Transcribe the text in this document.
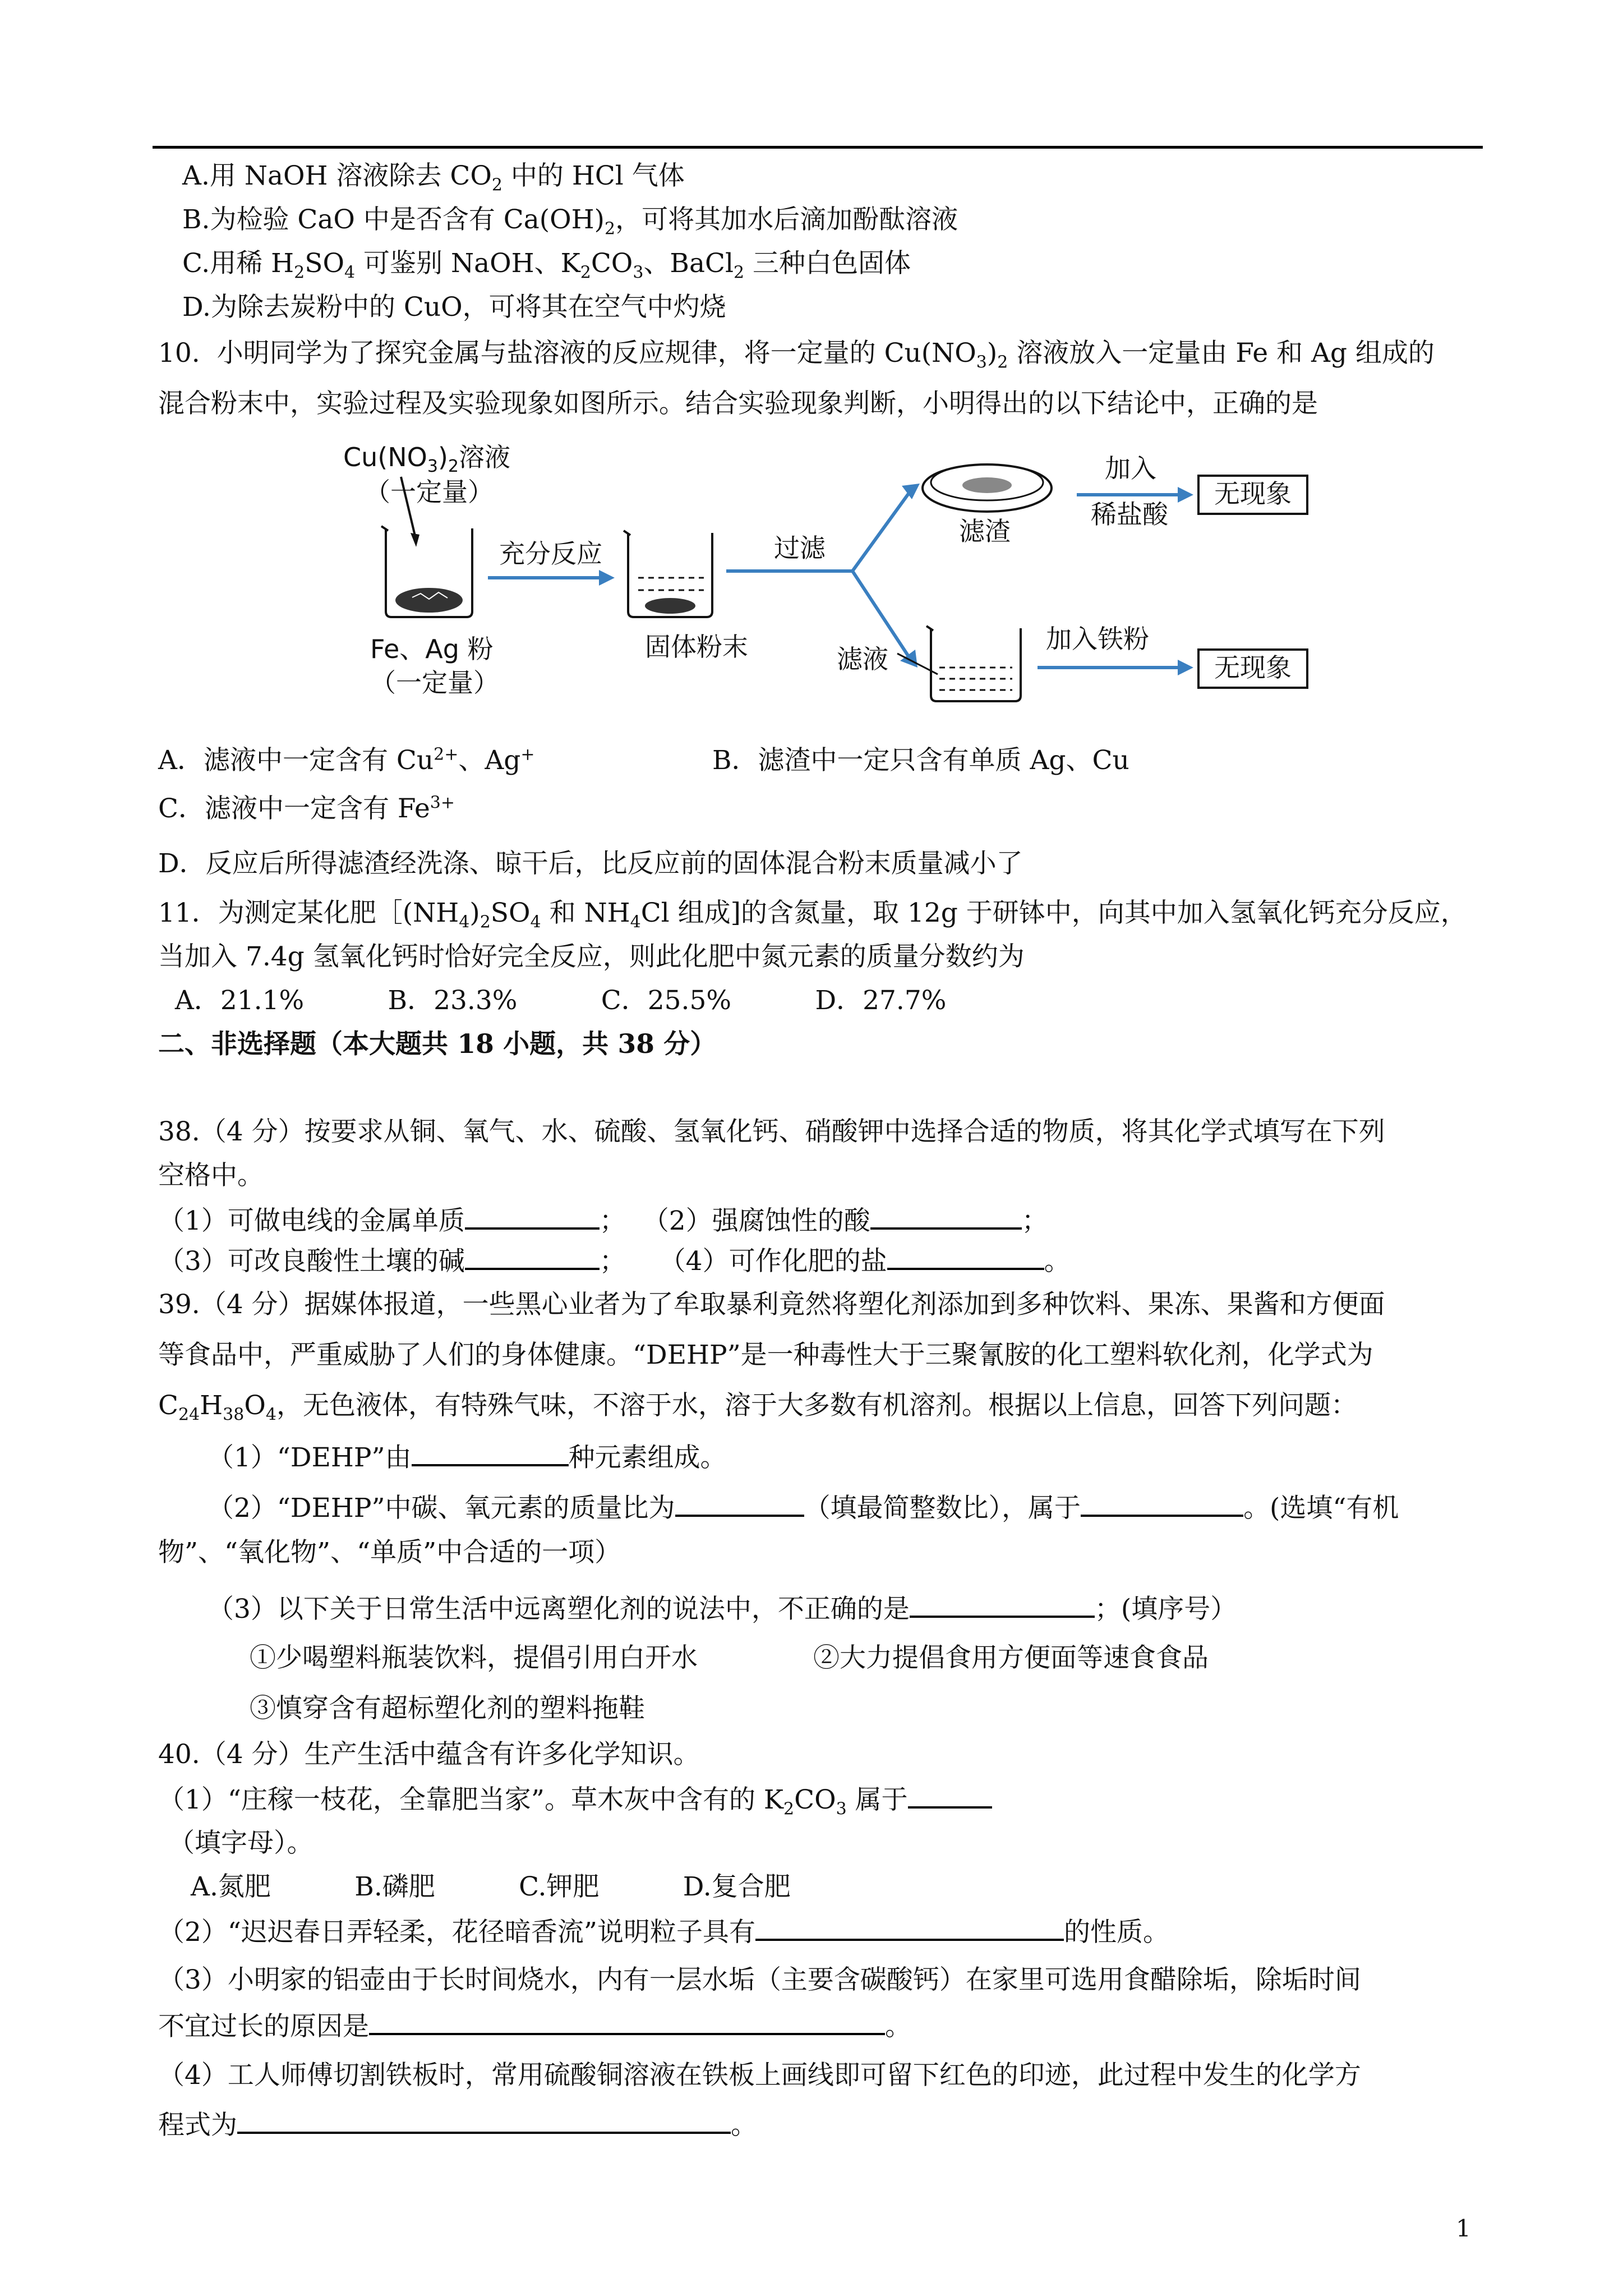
A.用 NaOH 溶液除去 $CO_2$ 中的 HCl 气体
B.为检验 CaO 中是否含有 $Ca(OH)_2$，可将其加水后滴加酚酞溶液
C.用稀 $H_2SO_4$ 可鉴别 NaOH、$K_2CO_3$、BaCl$_2$ 三种白色固体
D.为除去炭粉中的 CuO，可将其在空气中灼烧
10.  小明同学为了探究金属与盐溶液的反应规律，将一定量的 $Cu(NO_3)_2$ 溶液放入一定量由 Fe 和 Ag 组成的
混合粉末中，实验过程及实验现象如图所示。结合实验现象判断，小明得出的以下结论中，正确的是
$Cu(NO_3)_2$溶液
（一定量）
Fe、Ag 粉
（一定量）
充分反应
固体粉末
过滤
滤渣
加入
稀盐酸
无现象
滤液
加入铁粉
无现象
A．滤液中一定含有 $Cu^{2+}$、Ag+	B．滤渣中一定只含有单质 Ag、Cu
C．滤液中一定含有 $Fe^{3+}$
D．反应后所得滤渣经洗涤、晾干后，比反应前的固体混合粉末质量减小了
11．为测定某化肥$[(NH_4)_2SO_4$ 和 $NH_4Cl$ 组成]的含氮量，取 12g 于研钵中，向其中加入氢氧化钙充分反应，
当加入 7.4g 氢氧化钙时恰好完全反应，则此化肥中氮元素的质量分数约为
A．21.1%          B．23.3%          C．25.5%          D．27.7%
二、非选择题（本大题共 18 小题，共 38 分）
38.（4 分）按要求从铜、氧气、水、硫酸、氢氧化钙、硝酸钾中选择合适的物质，将其化学式填写在下列
空格中。
（1）可做电线的金属单质	； （2）强腐蚀性的酸	；
（3）可改良酸性土壤的碱	； （4）可作化肥的盐	。
39.（4 分）据媒体报道，一些黑心业者为了牟取暴利竟然将塑化剂添加到多种饮料、果冻、果酱和方便面
等食品中，严重威胁了人们的身体健康。“DEHP”是一种毒性大于三聚氰胺的化工塑料软化剂，化学式为
$C_{24}H_{38}O_4$，无色液体，有特殊气味，不溶于水，溶于大多数有机溶剂。根据以上信息，回答下列问题：
（1）“DEHP”由	种元素组成。
（2）“DEHP”中碳、氧元素的质量比为	（填最简整数比），属于	。(选填“有机
物”、“氧化物”、“单质”中合适的一项）
（3）以下关于日常生活中远离塑化剂的说法中，不正确的是	；(填序号）
①少喝塑料瓶装饮料，提倡引用白开水	②大力提倡食用方便面等速食食品
③慎穿含有超标塑化剂的塑料拖鞋
40.（4 分）生产生活中蕴含有许多化学知识。
（1）“庄稼一枝花，全靠肥当家”。草木灰中含有的 $K_2CO_3$ 属于
（填字母）。
A.氮肥          B.磷肥          C.钾肥          D.复合肥
（2）“迟迟春日弄轻柔，花径暗香流”说明粒子具有	的性质。
（3）小明家的铝壶由于长时间烧水，内有一层水垢（主要含碳酸钙）在家里可选用食醋除垢，除垢时间
不宜过长的原因是	。
（4）工人师傅切割铁板时，常用硫酸铜溶液在铁板上画线即可留下红色的印迹，此过程中发生的化学方
程式为	。
1
